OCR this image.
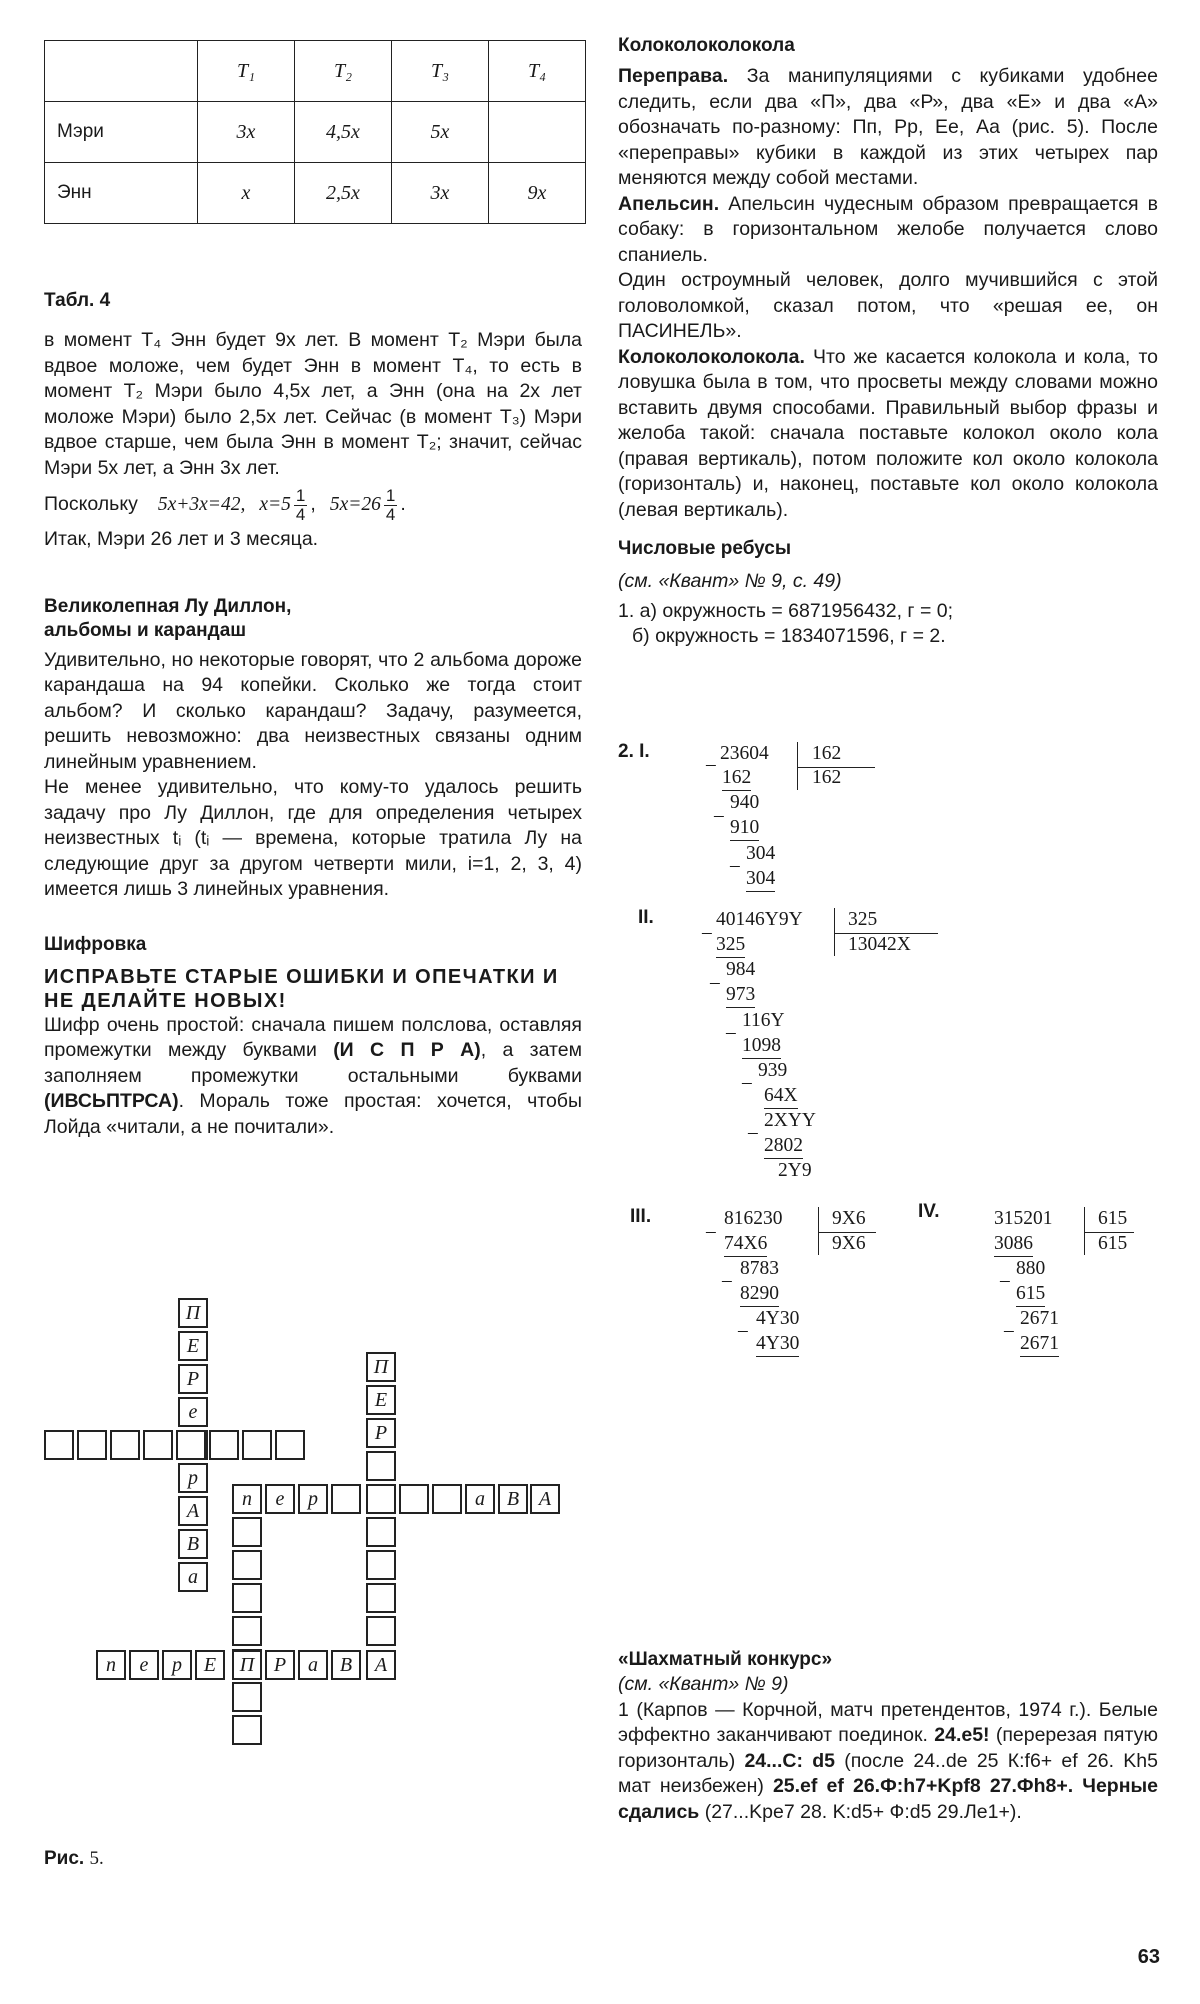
	T₁	T₂	T₃	T₄
Мэри	3x	4,5x	5x	
Энн	x	2,5x	3x	9x
Табл. 4

в момент T₄ Энн будет 9x лет. В момент T₂ Мэри была вдвое моложе, чем будет Энн в момент T₄, то есть в момент T₂ Мэри было 4,5x лет, а Энн (она на 2x лет моложе Мэри) было 2,5x лет. Сейчас (в момент T₃) Мэри вдвое старше, чем была Энн в момент T₂; значит, сейчас Мэри 5x лет, а Энн 3x лет.

Поскольку 5x+3x=42, $x=5 \frac{1}{4}$ , $5x=26 \frac{1}{4}$ .

Итак, Мэри 26 лет и 3 месяца.

Великолепная Лу Диллон,
альбомы и карандаш

Удивительно, но некоторые говорят, что 2 альбома дороже карандаша на 94 копейки. Сколько же тогда стоит альбом? И сколько карандаш? Задачу, разумеется, решить невозможно: два неизвестных связаны одним линейным уравнением.

Не менее удивительно, что кому-то удалось решить задачу про Лу Диллон, где для определения четырех неизвестных tᵢ (tᵢ — времена, которые тратила Лу на следующие друг за другом четверти мили, i=1, 2, 3, 4) имеется лишь 3 линейных уравнения.

Шифровка
ИСПРАВЬТЕ СТАРЫЕ ОШИБКИ И ОПЕЧАТКИ И НЕ ДЕЛАЙТЕ НОВЫХ!

Шифр очень простой: сначала пишем полслова, оставляя промежутки между буквами (И С П Р А), а затем заполняем промежутки остальными буквами (ИВСЬПТРСА). Мораль тоже простая: хочется, чтобы Лойда «читали, а не почитали».

П
Е
Р
е
р
А
В
а
П
Е
Р
п	е	р	а	В А
п	е	р	Е	П Р	а	В	А
Рис. 5.
Колоколоколокола

Переправа. За манипуляциями с кубиками удобнее следить, если два «П», два «Р», два «Е» и два «А» обозначать по-разному: Пп, Рр, Ее, Аа (рис. 5). После «переправы» кубики в каждой из этих четырех пар меняются между собой местами.

Апельсин. Апельсин чудесным образом превращается в собаку: в горизонтальном желобе получается слово спаниель.

Один остроумный человек, долго мучившийся с этой головоломкой, сказал потом, что «решая ее, он ПАСИНЕЛЬ».

Колоколоколокола. Что же касается колокола и кола, то ловушка была в том, что просветы между словами можно вставить двумя способами. Правильный выбор фразы и желоба такой: сначала поставьте колокол около кола (правая вертикаль), потом положите кол около колокола (горизонталь) и, наконец, поставьте кол около колокола (левая вертикаль).

Числовые ребусы

(см. «Квант» № 9, с. 49)

1. а) окружность = 6871956432, г = 0;

б) окружность = 1834071596, г = 2.

2. I.
II.
III.	IV.
23604 162
162	162
–
940
–
910
304
–
304
40146Y9Y 325
325	13042X
–
984
–
973
116Y
–
1098
939
–
64X
2XYY
–
2802
2Y9
816230	9X6
74X6	9X6
–
8783
–
8290
4Y30
–
4Y30
315201 615
3086	615
880
–
615
2671
–
2671
«Шахматный конкурс»

(см. «Квант» № 9)

1 (Карпов — Корчной, матч претендентов, 1974 г.). Белые эффектно заканчивают поединок. 24.е5! (перерезая пятую горизонталь) 24...С: d5 (после 24..de 25 К:f6+ ef 26. Kh5 мат неизбежен) 25.ef ef 26.Ф:h7+Kpf8 27.Фh8+. Черные сдались (27...Kpe7 28. K:d5+ Ф:d5 29.Ле1+).

63
